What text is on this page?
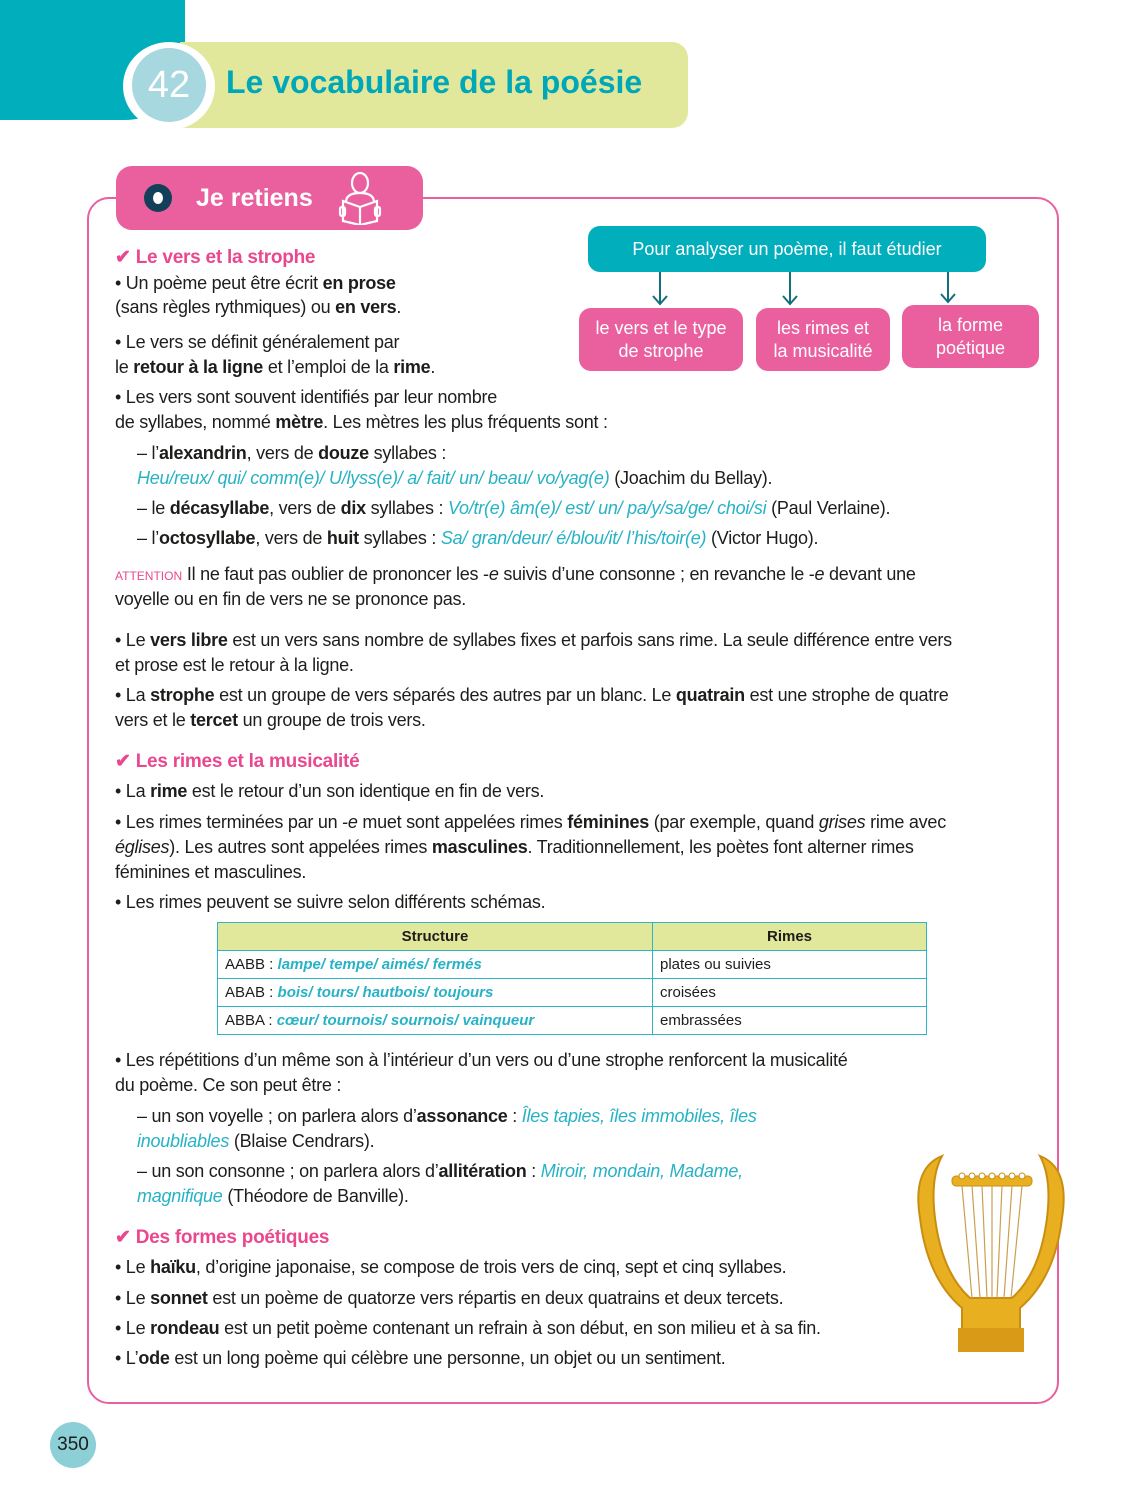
42	Le vocabulaire de la poésie
Je retiens
Pour analyser un poème, il faut étudier
le vers et le type
de strophe
les rimes et
la musicalité
la forme
poétique
✔ Le vers et la strophe
• Un poème peut être écrit en prose
(sans règles rythmiques) ou en vers.
• Le vers se définit généralement par
le retour à la ligne et l’emploi de la rime.
• Les vers sont souvent identifiés par leur nombre
de syllabes, nommé mètre. Les mètres les plus fréquents sont :
– l’alexandrin, vers de douze syllabes :
Heu/reux/ qui/ comm(e)/ U/lyss(e)/ a/ fait/ un/ beau/ vo/yag(e) (Joachim du Bellay).
– le décasyllabe, vers de dix syllabes : Vo/tr(e) âm(e)/ est/ un/ pa/y/sa/ge/ choi/si (Paul Verlaine).
– l’octosyllabe, vers de huit syllabes : Sa/ gran/deur/ é/blou/it/ l’his/toir(e) (Victor Hugo).
ATTENTION Il ne faut pas oublier de prononcer les -e suivis d’une consonne ; en revanche le -e devant une
voyelle ou en fin de vers ne se prononce pas.
• Le vers libre est un vers sans nombre de syllabes fixes et parfois sans rime. La seule différence entre vers
et prose est le retour à la ligne.
• La strophe est un groupe de vers séparés des autres par un blanc. Le quatrain est une strophe de quatre
vers et le tercet un groupe de trois vers.
✔ Les rimes et la musicalité
• La rime est le retour d’un son identique en fin de vers.
• Les rimes terminées par un -e muet sont appelées rimes féminines (par exemple, quand grises rime avec
églises). Les autres sont appelées rimes masculines. Traditionnellement, les poètes font alterner rimes
féminines et masculines.
• Les rimes peuvent se suivre selon différents schémas.
• Les répétitions d’un même son à l’intérieur d’un vers ou d’une strophe renforcent la musicalité
du poème. Ce son peut être :
– un son voyelle ; on parlera alors d’assonance : Îles tapies, îles immobiles, îles
inoubliables (Blaise Cendrars).
– un son consonne ; on parlera alors d’allitération : Miroir, mondain, Madame,
magnifique (Théodore de Banville).
✔ Des formes poétiques
• Le haïku, d’origine japonaise, se compose de trois vers de cinq, sept et cinq syllabes.
• Le sonnet est un poème de quatorze vers répartis en deux quatrains et deux tercets.
• Le rondeau est un petit poème contenant un refrain à son début, en son milieu et à sa fin.
• L’ode est un long poème qui célèbre une personne, un objet ou un sentiment.
Structure	Rimes
AABB : lampe/ tempe/ aimés/ fermés	plates ou suivies
ABAB : bois/ tours/ hautbois/ toujours	croisées
ABBA : cœur/ tournois/ sournois/ vainqueur	embrassées
350
